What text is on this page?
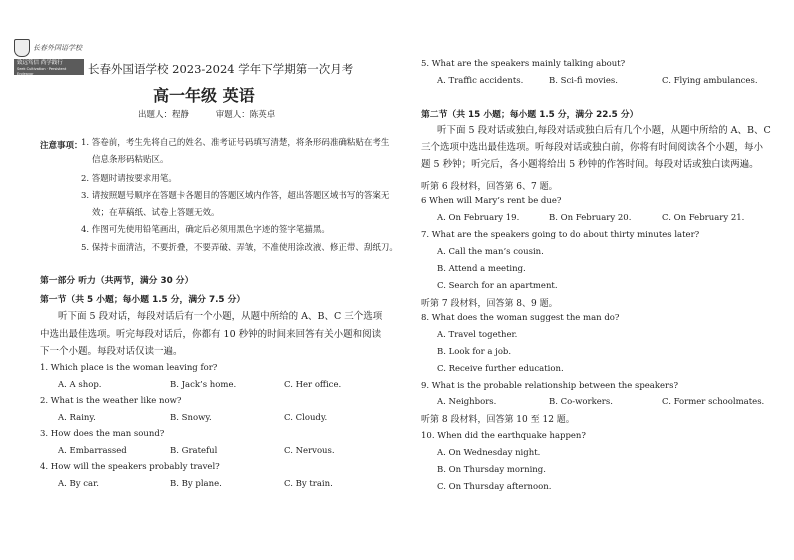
长春外国语学校
致远笃信 尚学践行
Seek Cultivation · Persistent Endeavor	长春外国语学校 2023-2024 学年下学期第一次月考
高一年级 英语
出题人：程静	审题人：陈英卓
注意事项：
1. 答卷前，考生先将自己的姓名、准考证号码填写清楚，将条形码准确粘贴在考生
信息条形码粘贴区。
2. 答题时请按要求用笔。
3. 请按照题号顺序在答题卡各题目的答题区域内作答，超出答题区域书写的答案无
效；在草稿纸、试卷上答题无效。
4. 作图可先使用铅笔画出，确定后必须用黑色字迹的签字笔描黑。
5. 保持卡面清洁，不要折叠，不要弄破、弄皱，不准使用涂改液、修正带、刮纸刀。
第一部分 听力（共两节，满分 30 分）
第一节（共 5 小题；每小题 1.5 分，满分 7.5 分）
听下面 5 段对话，每段对话后有一个小题，从题中所给的 A、B、C 三个选项
中选出最佳选项。听完每段对话后，你都有 10 秒钟的时间来回答有关小题和阅读
下一个小题。每段对话仅读一遍。
1. Which place is the woman leaving for?
A. A shop.	B. Jack’s home.	C. Her office.
2. What is the weather like now?
A. Rainy.	B. Snowy.	C. Cloudy.
3. How does the man sound?
A. Embarrassed	B. Grateful	C. Nervous.
4. How will the speakers probably travel?
A. By car.	B. By plane.	C. By train.
5. What are the speakers mainly talking about?
A. Traffic accidents.	B. Sci-fi movies.	C. Flying ambulances.
第二节（共 15 小题；每小题 1.5 分，满分 22.5 分）
听下面 5 段对话或独白,每段对话或独白后有几个小题，从题中所给的 A、B、C
三个选项中选出最佳选项。听每段对话或独白前，你将有时间阅读各个小题，每小
题 5 秒钟；听完后，各小题将给出 5 秒钟的作答时间。每段对话或独白读两遍。
听第 6 段材料，回答第 6、7 题。
6 When will Mary’s rent be due?
A. On February 19.	B. On February 20.	C. On February 21.
7. What are the speakers going to do about thirty minutes later?
A. Call the man’s cousin.
B. Attend a meeting.
C. Search for an apartment.
听第 7 段材料，回答第 8、9 题。
8. What does the woman suggest the man do?
A. Travel together.
B. Look for a job.
C. Receive further education.
9. What is the probable relationship between the speakers?
A. Neighbors.	B. Co-workers.	C. Former schoolmates.
听第 8 段材料，回答第 10 至 12 题。
10. When did the earthquake happen?
A. On Wednesday night.
B. On Thursday morning.
C. On Thursday afternoon.
